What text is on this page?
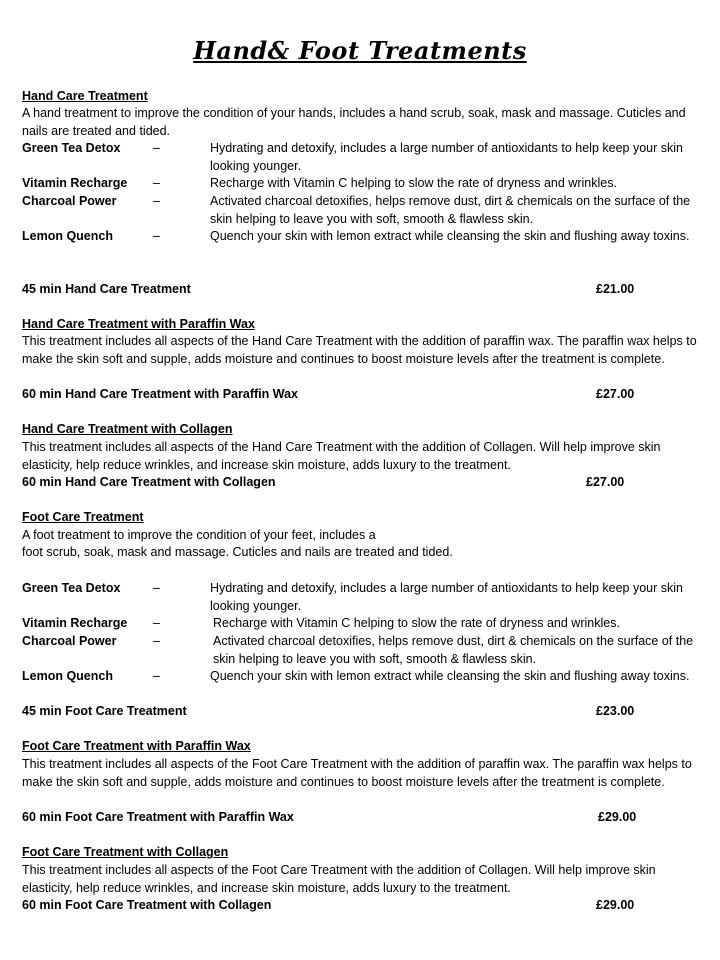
Hand& Foot Treatments
Hand Care Treatment
A hand treatment to improve the condition of your hands, includes a hand scrub, soak, mask and massage. Cuticles and nails are treated and tided.
Green Tea Detox	–	Hydrating and detoxify, includes a large number of antioxidants to help keep your skin looking younger.
Vitamin Recharge –	Recharge with Vitamin C helping to slow the rate of dryness and wrinkles.
Charcoal Power	–	Activated charcoal detoxifies, helps remove dust, dirt & chemicals on the surface of the skin helping to leave you with soft, smooth & flawless skin.
Lemon Quench	–	Quench your skin with lemon extract while cleansing the skin and flushing away toxins.
45 min Hand Care Treatment	£21.00
Hand Care Treatment with Paraffin Wax
This treatment includes all aspects of the Hand Care Treatment with the addition of paraffin wax. The paraffin wax helps to make the skin soft and supple, adds moisture and continues to boost moisture levels after the treatment is complete.
60 min Hand Care Treatment with Paraffin Wax	£27.00
Hand Care Treatment with Collagen
This treatment includes all aspects of the Hand Care Treatment with the addition of Collagen. Will help improve skin elasticity, help reduce wrinkles, and increase skin moisture, adds luxury to the treatment.
60 min Hand Care Treatment with Collagen	£27.00
Foot Care Treatment
A foot treatment to improve the condition of your feet, includes a
foot scrub, soak, mask and massage. Cuticles and nails are treated and tided.
Green Tea Detox	–	Hydrating and detoxify, includes a large number of antioxidants to help keep your skin looking younger.
Vitamin Recharge –	Recharge with Vitamin C helping to slow the rate of dryness and wrinkles.
Charcoal Power	–	Activated charcoal detoxifies, helps remove dust, dirt & chemicals on the surface of the skin helping to leave you with soft, smooth & flawless skin.
Lemon Quench	–	Quench your skin with lemon extract while cleansing the skin and flushing away toxins.
45 min Foot Care Treatment	£23.00
Foot Care Treatment with Paraffin Wax
This treatment includes all aspects of the Foot Care Treatment with the addition of paraffin wax. The paraffin wax helps to make the skin soft and supple, adds moisture and continues to boost moisture levels after the treatment is complete.
60 min Foot Care Treatment with Paraffin Wax	£29.00
Foot Care Treatment with Collagen
This treatment includes all aspects of the Foot Care Treatment with the addition of Collagen. Will help improve skin elasticity, help reduce wrinkles, and increase skin moisture, adds luxury to the treatment.
60 min Foot Care Treatment with Collagen	£29.00
